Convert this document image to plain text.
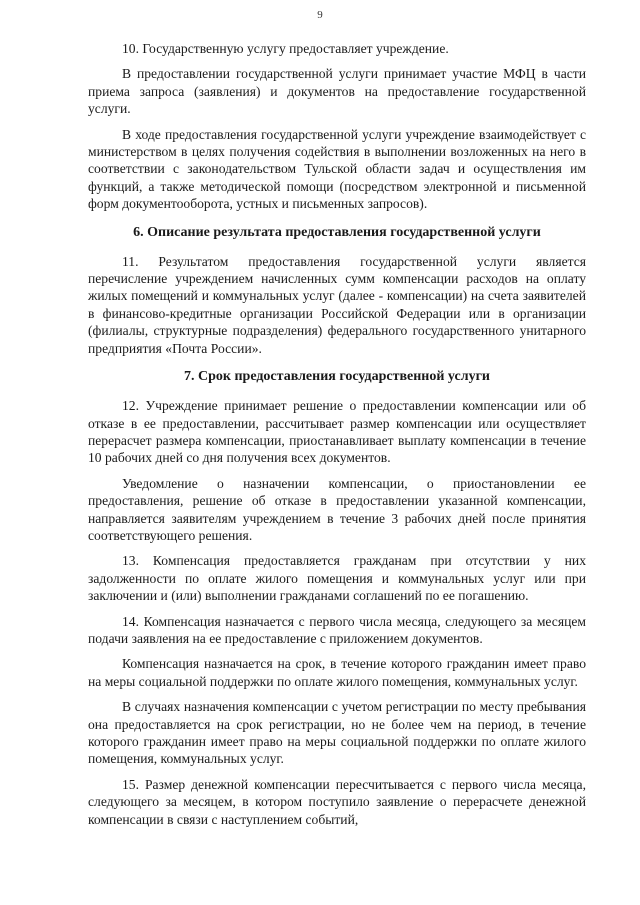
9

10. Государственную услугу предоставляет учреждение.

В предоставлении государственной услуги принимает участие МФЦ в части приема запроса (заявления) и документов на предоставление государственной услуги.

В ходе предоставления государственной услуги учреждение взаимодействует с министерством в целях получения содействия в выполнении возложенных на него в соответствии с законодательством Тульской области задач и осуществления им функций, а также методической помощи (посредством электронной и письменной форм документооборота, устных и письменных запросов).

6. Описание результата предоставления государственной услуги

11. Результатом предоставления государственной услуги является перечисление учреждением начисленных сумм компенсации расходов на оплату жилых помещений и коммунальных услуг (далее - компенсации) на счета заявителей в финансово-кредитные организации Российской Федерации или в организации (филиалы, структурные подразделения) федерального государственного унитарного предприятия «Почта России».

7. Срок предоставления государственной услуги

12. Учреждение принимает решение о предоставлении компенсации или об отказе в ее предоставлении, рассчитывает размер компенсации или осуществляет перерасчет размера компенсации, приостанавливает выплату компенсации в течение 10 рабочих дней со дня получения всех документов.

Уведомление о назначении компенсации, о приостановлении ее предоставления, решение об отказе в предоставлении указанной компенсации, направляется заявителям учреждением в течение 3 рабочих дней после принятия соответствующего решения.

13. Компенсация предоставляется гражданам при отсутствии у них задолженности по оплате жилого помещения и коммунальных услуг или при заключении и (или) выполнении гражданами соглашений по ее погашению.

14. Компенсация назначается с первого числа месяца, следующего за месяцем подачи заявления на ее предоставление с приложением документов.

Компенсация назначается на срок, в течение которого гражданин имеет право на меры социальной поддержки по оплате жилого помещения, коммунальных услуг.

В случаях назначения компенсации с учетом регистрации по месту пребывания она предоставляется на срок регистрации, но не более чем на период, в течение которого гражданин имеет право на меры социальной поддержки по оплате жилого помещения, коммунальных услуг.

15. Размер денежной компенсации пересчитывается с первого числа месяца, следующего за месяцем, в котором поступило заявление о перерасчете денежной компенсации в связи с наступлением событий,
